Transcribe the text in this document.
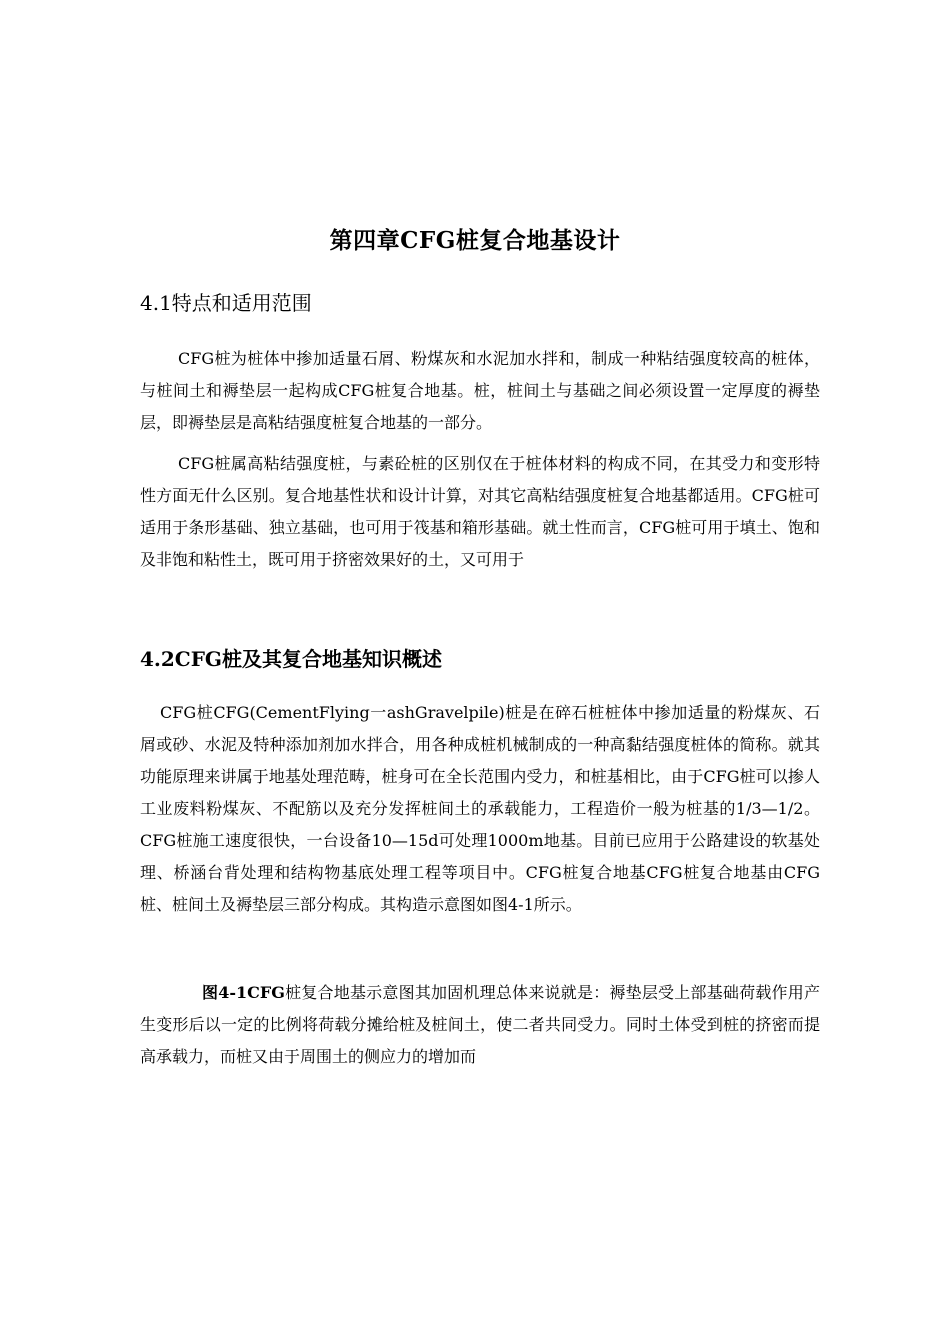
第四章CFG桩复合地基设计
4.1特点和适用范围

CFG桩为桩体中掺加适量石屑、粉煤灰和水泥加水拌和，制成一种粘结强度较高的桩体，与桩间土和褥垫层一起构成CFG桩复合地基。桩，桩间土与基础之间必须设置一定厚度的褥垫层，即褥垫层是高粘结强度桩复合地基的一部分。

CFG桩属高粘结强度桩，与素砼桩的区别仅在于桩体材料的构成不同，在其受力和变形特性方面无什么区别。复合地基性状和设计计算，对其它高粘结强度桩复合地基都适用。CFG桩可适用于条形基础、独立基础，也可用于筏基和箱形基础。就土性而言，CFG桩可用于填土、饱和及非饱和粘性土，既可用于挤密效果好的土，又可用于

4.2CFG桩及其复合地基知识概述

CFG桩CFG(CementFlying一ashGravelpile)桩是在碎石桩桩体中掺加适量的粉煤灰、石屑或砂、水泥及特种添加剂加水拌合，用各种成桩机械制成的一种高黏结强度桩体的简称。就其功能原理来讲属于地基处理范畴，桩身可在全长范围内受力，和桩基相比，由于CFG桩可以掺人工业废料粉煤灰、不配筋以及充分发挥桩间土的承载能力，工程造价一般为桩基的1/3—1/2。CFG桩施工速度很快，一台设备10—15d可处理1000m地基。目前已应用于公路建设的软基处理、桥涵台背处理和结构物基底处理工程等项目中。CFG桩复合地基CFG桩复合地基由CFG桩、桩间土及褥垫层三部分构成。其构造示意图如图4-1所示。

图4-1CFG桩复合地基示意图其加固机理总体来说就是：褥垫层受上部基础荷载作用产生变形后以一定的比例将荷载分摊给桩及桩间土，使二者共同受力。同时土体受到桩的挤密而提高承载力，而桩又由于周围土的侧应力的增加而
